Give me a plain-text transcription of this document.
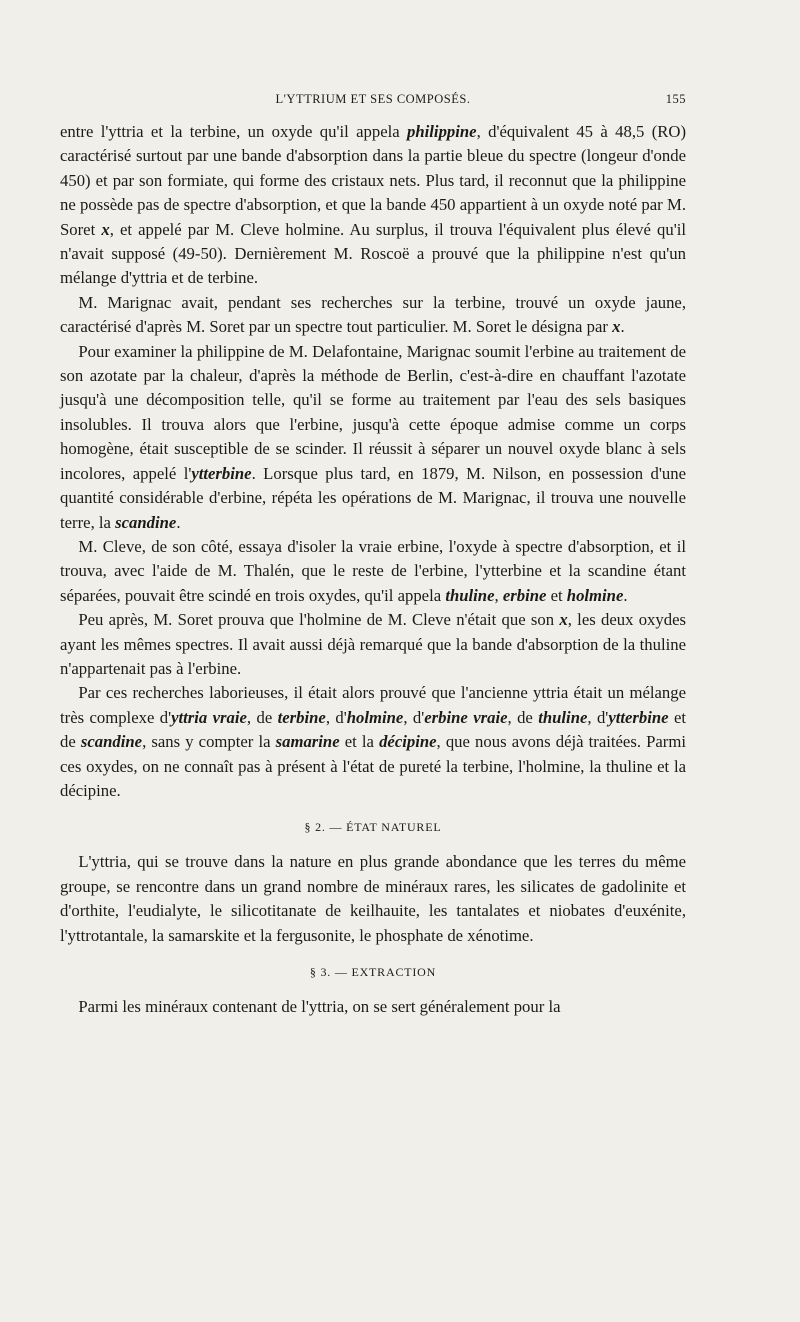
L'YTTRIUM ET SES COMPOSÉS.	155

entre l'yttria et la terbine, un oxyde qu'il appela philippine, d'équivalent 45 à 48,5 (RO) caractérisé surtout par une bande d'absorption dans la partie bleue du spectre (longeur d'onde 450) et par son formiate, qui forme des cristaux nets. Plus tard, il reconnut que la philippine ne possède pas de spectre d'absorption, et que la bande 450 appartient à un oxyde noté par M. Soret x, et appelé par M. Cleve holmine. Au surplus, il trouva l'équivalent plus élevé qu'il n'avait supposé (49-50). Dernièrement M. Roscoë a prouvé que la philippine n'est qu'un mélange d'yttria et de terbine.

M. Marignac avait, pendant ses recherches sur la terbine, trouvé un oxyde jaune, caractérisé d'après M. Soret par un spectre tout particulier. M. Soret le désigna par x.

Pour examiner la philippine de M. Delafontaine, Marignac soumit l'erbine au traitement de son azotate par la chaleur, d'après la méthode de Berlin, c'est-à-dire en chauffant l'azotate jusqu'à une décomposition telle, qu'il se forme au traitement par l'eau des sels basiques insolubles. Il trouva alors que l'erbine, jusqu'à cette époque admise comme un corps homogène, était susceptible de se scinder. Il réussit à séparer un nouvel oxyde blanc à sels incolores, appelé l'ytterbine. Lorsque plus tard, en 1879, M. Nilson, en possession d'une quantité considérable d'erbine, répéta les opérations de M. Marignac, il trouva une nouvelle terre, la scandine.

M. Cleve, de son côté, essaya d'isoler la vraie erbine, l'oxyde à spectre d'absorption, et il trouva, avec l'aide de M. Thalén, que le reste de l'erbine, l'ytterbine et la scandine étant séparées, pouvait être scindé en trois oxydes, qu'il appela thuline, erbine et holmine.

Peu après, M. Soret prouva que l'holmine de M. Cleve n'était que son x, les deux oxydes ayant les mêmes spectres. Il avait aussi déjà remarqué que la bande d'absorption de la thuline n'appartenait pas à l'erbine.

Par ces recherches laborieuses, il était alors prouvé que l'ancienne yttria était un mélange très complexe d'yttria vraie, de terbine, d'holmine, d'erbine vraie, de thuline, d'ytterbine et de scandine, sans y compter la samarine et la décipine, que nous avons déjà traitées. Parmi ces oxydes, on ne connaît pas à présent à l'état de pureté la terbine, l'holmine, la thuline et la décipine.

§ 2. — ÉTAT NATUREL

L'yttria, qui se trouve dans la nature en plus grande abondance que les terres du même groupe, se rencontre dans un grand nombre de minéraux rares, les silicates de gadolinite et d'orthite, l'eudialyte, le silicotitanate de keilhauite, les tantalates et niobates d'euxénite, l'yttrotantale, la samarskite et la fergusonite, le phosphate de xénotime.

§ 3. — EXTRACTION

Parmi les minéraux contenant de l'yttria, on se sert généralement pour la
